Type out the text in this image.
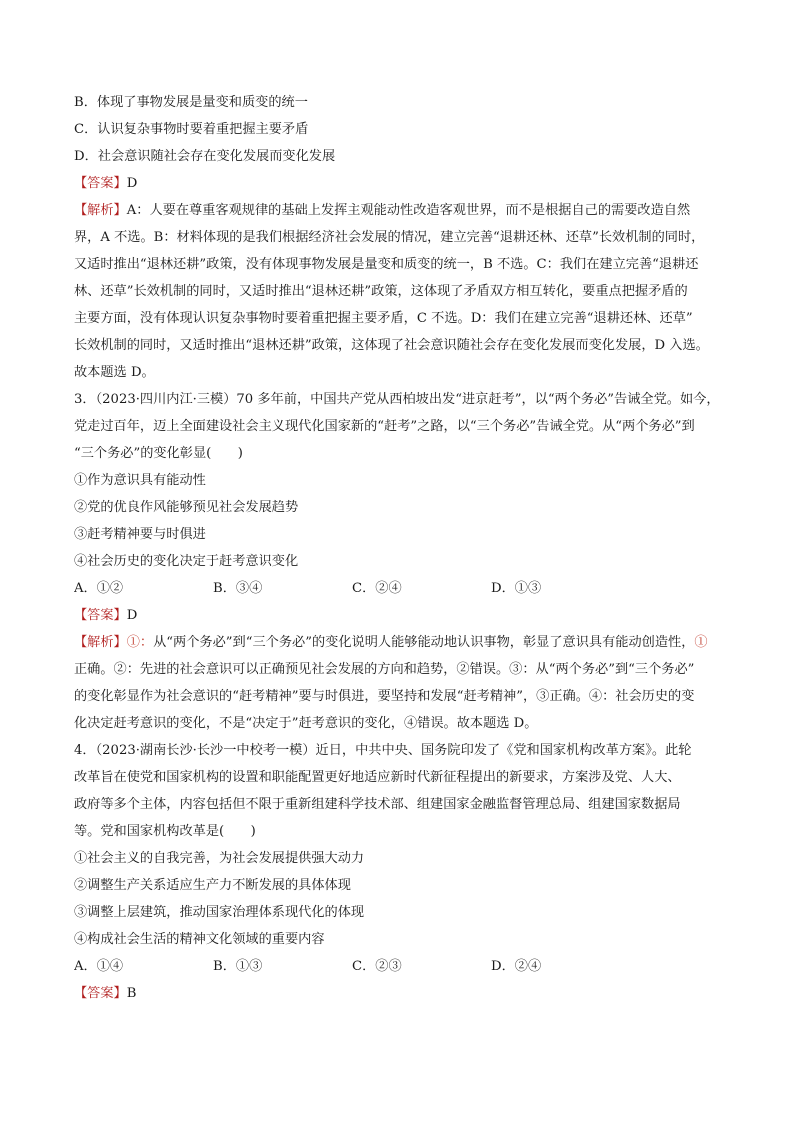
B．体现了事物发展是量变和质变的统一
C．认识复杂事物时要着重把握主要矛盾
D．社会意识随社会存在变化发展而变化发展
【答案】D
【解析】A：人要在尊重客观规律的基础上发挥主观能动性改造客观世界，而不是根据自己的需要改造自然
界，A 不选。B：材料体现的是我们根据经济社会发展的情况，建立完善“退耕还林、还草”长效机制的同时，
又适时推出“退林还耕”政策，没有体现事物发展是量变和质变的统一，B 不选。C：我们在建立完善“退耕还
林、还草”长效机制的同时，又适时推出“退林还耕”政策，这体现了矛盾双方相互转化，要重点把握矛盾的
主要方面，没有体现认识复杂事物时要着重把握主要矛盾，C 不选。D：我们在建立完善“退耕还林、还草”
长效机制的同时，又适时推出“退林还耕”政策，这体现了社会意识随社会存在变化发展而变化发展，D 入选。
故本题选 D。
3．（2023·四川内江·三模）70 多年前，中国共产党从西柏坡出发“进京赶考”，以“两个务必”告诫全党。如今，
党走过百年，迈上全面建设社会主义现代化国家新的“赶考”之路，以“三个务必”告诫全党。从“两个务必”到
“三个务必”的变化彰显(　　)
①作为意识具有能动性
②党的优良作风能够预见社会发展趋势
③赶考精神要与时俱进
④社会历史的变化决定于赶考意识变化
A．①②	B．③④	C．②④	D．①③
【答案】D
【解析】①：从“两个务必”到“三个务必”的变化说明人能够能动地认识事物，彰显了意识具有能动创造性，①
正确。②：先进的社会意识可以正确预见社会发展的方向和趋势，②错误。③：从“两个务必”到“三个务必”
的变化彰显作为社会意识的“赶考精神”要与时俱进，要坚持和发展“赶考精神”，③正确。④：社会历史的变
化决定赶考意识的变化，不是“决定于”赶考意识的变化，④错误。故本题选 D。
4．（2023·湖南长沙·长沙一中校考一模）近日，中共中央、国务院印发了《党和国家机构改革方案》。此轮
改革旨在使党和国家机构的设置和职能配置更好地适应新时代新征程提出的新要求，方案涉及党、人大、
政府等多个主体，内容包括但不限于重新组建科学技术部、组建国家金融监督管理总局、组建国家数据局
等。党和国家机构改革是(　　)
①社会主义的自我完善，为社会发展提供强大动力
②调整生产关系适应生产力不断发展的具体体现
③调整上层建筑，推动国家治理体系现代化的体现
④构成社会生活的精神文化领域的重要内容
A．①④	B．①③	C．②③	D．②④
【答案】B
